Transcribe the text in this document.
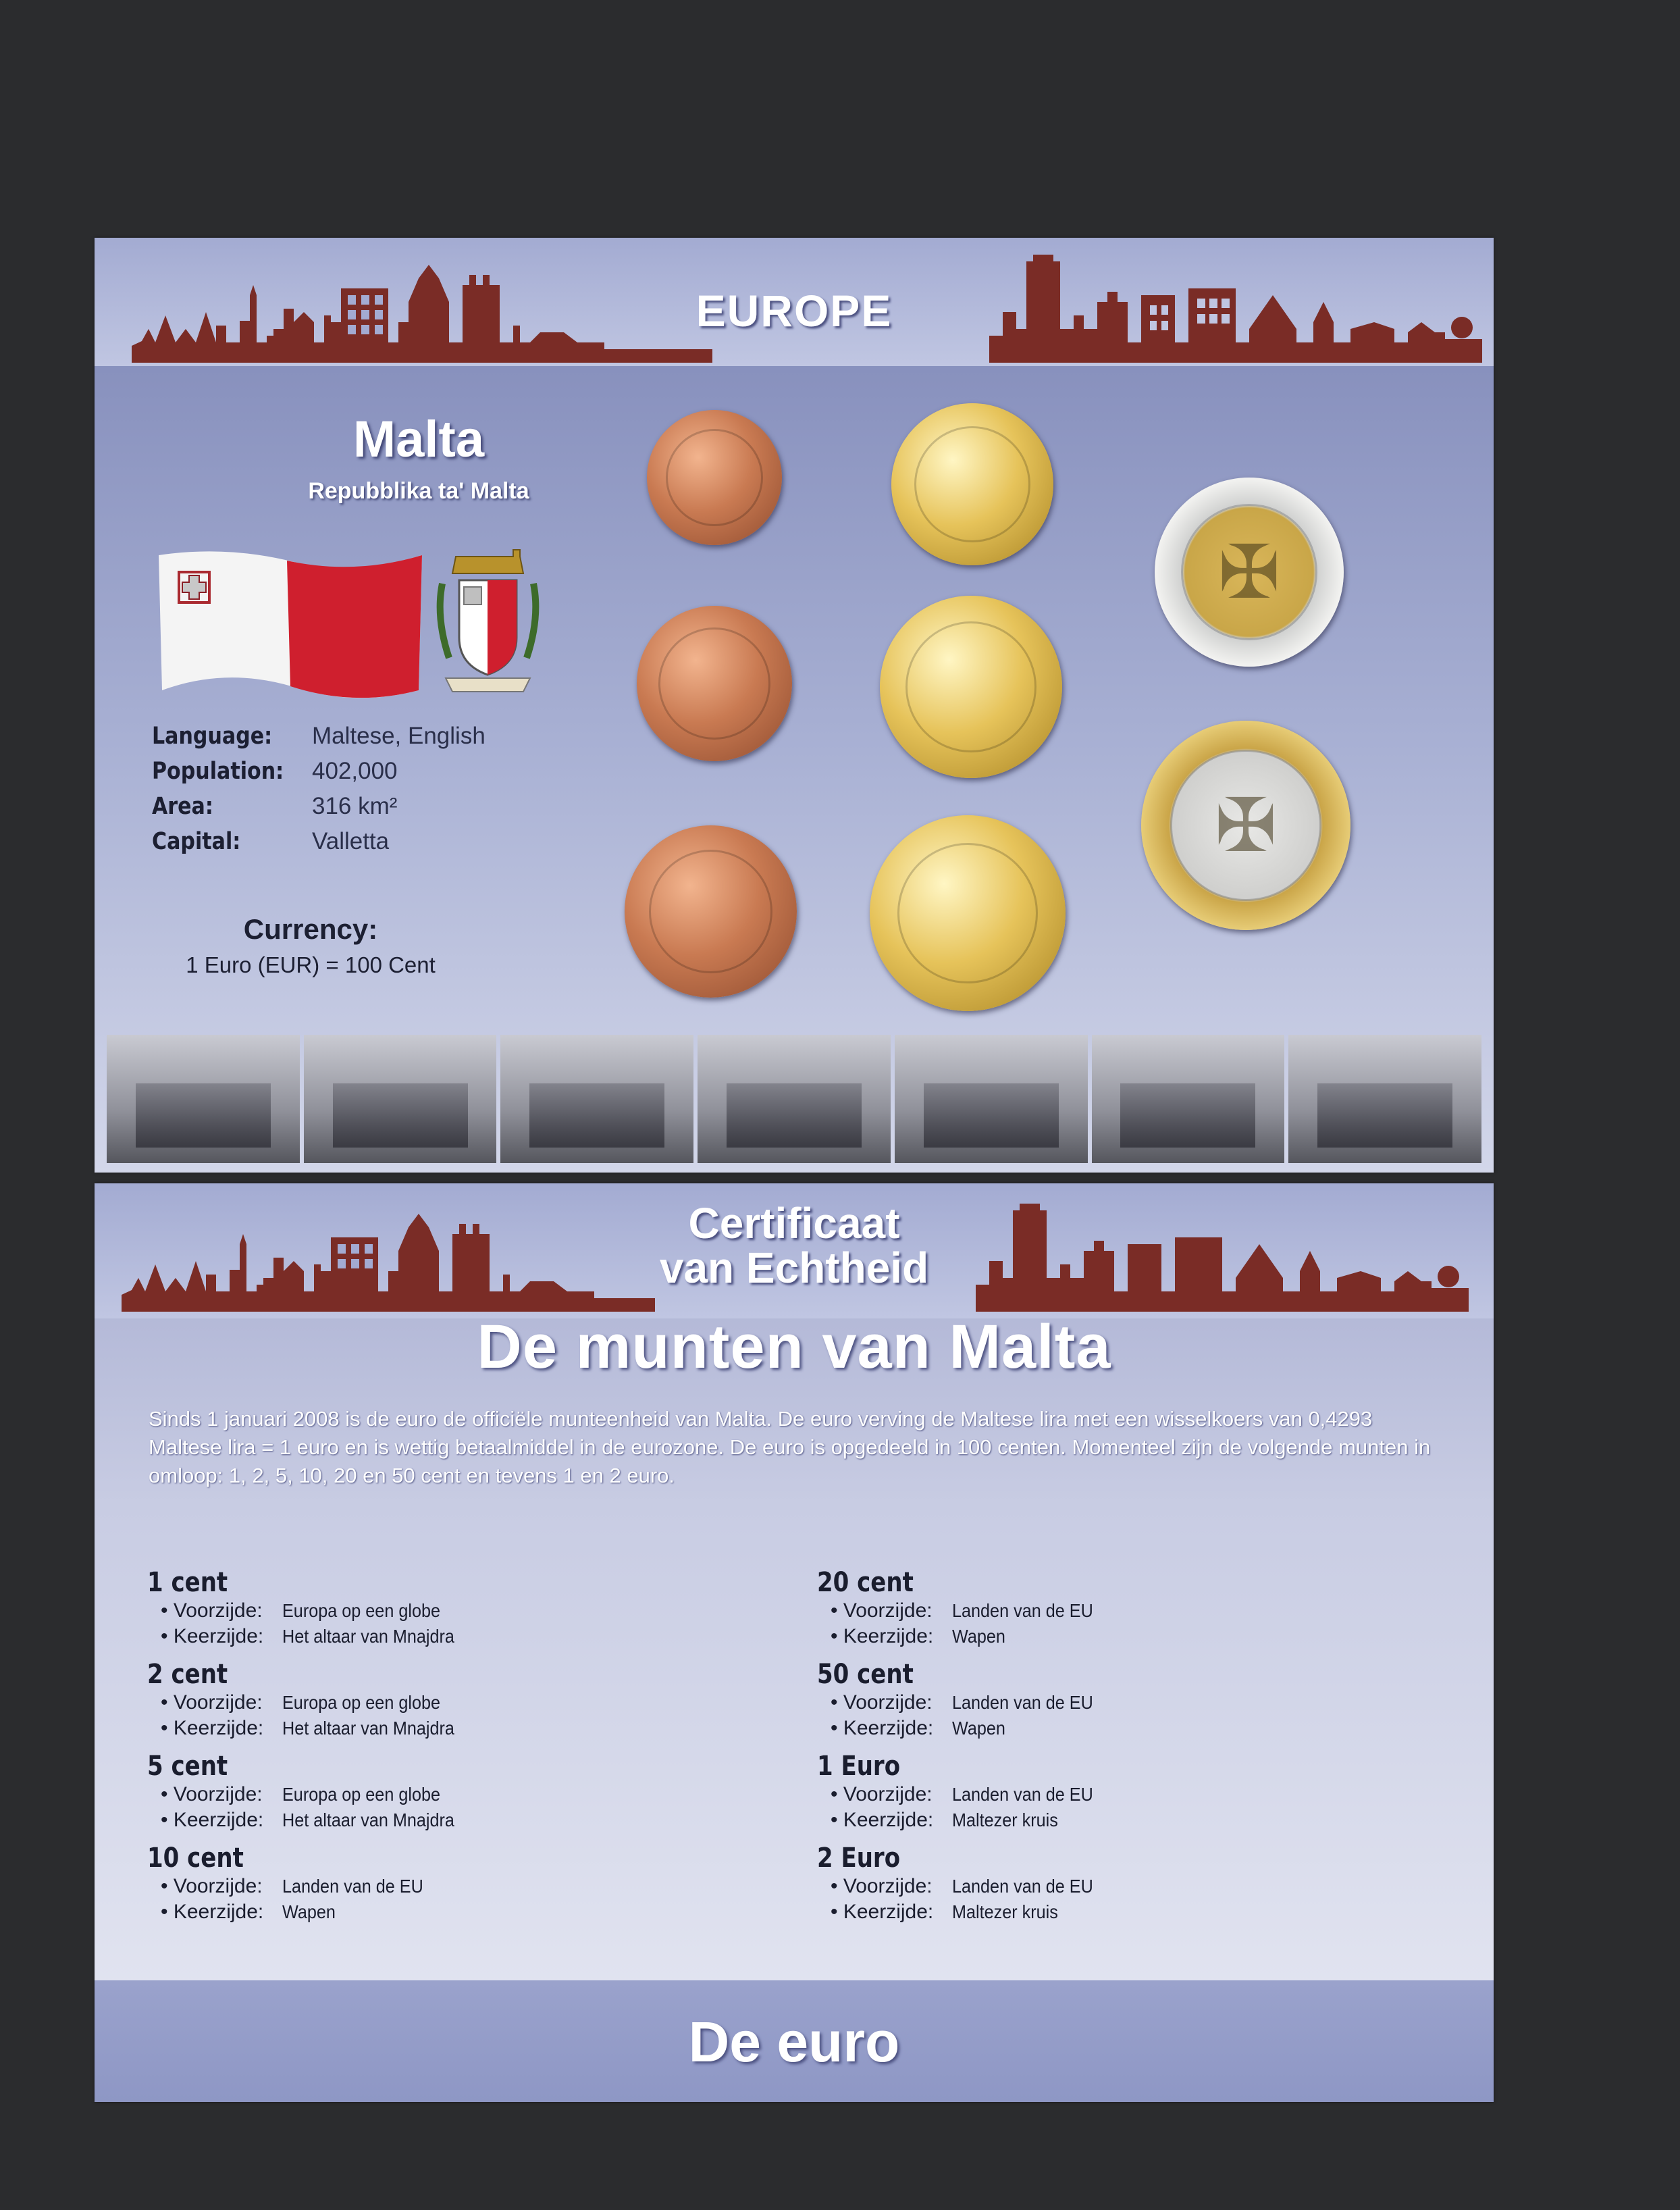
EUROPE
Malta
Repubblika ta' Malta
Language:	Maltese, English
Population: 402,000
Area:	316 km²
Capital:	Valletta
Currency:
1 Euro (EUR) = 100 Cent
✠
✠
Certificaat
van Echtheid
De munten van Malta
Sinds 1 januari 2008 is de euro de officiële munteenheid van Malta. De euro verving de Maltese lira met een wisselkoers van 0,4293 Maltese lira = 1 euro en is wettig betaalmiddel in de eurozone. De euro is opgedeeld in 100 centen. Momenteel zijn de volgende munten in omloop: 1, 2, 5, 10, 20 en 50 cent en tevens 1 en 2 euro.
1 cent
• Voorzijde:	Europa op een globe
• Keerzijde: Het altaar van Mnajdra
2 cent
• Voorzijde:	Europa op een globe
• Keerzijde: Het altaar van Mnajdra
5 cent
• Voorzijde:	Europa op een globe
• Keerzijde: Het altaar van Mnajdra
10 cent
• Voorzijde:	Landen van de EU
• Keerzijde: Wapen
20 cent
• Voorzijde:	Landen van de EU
• Keerzijde: Wapen
50 cent
• Voorzijde:	Landen van de EU
• Keerzijde: Wapen
1 Euro
• Voorzijde:	Landen van de EU
• Keerzijde: Maltezer kruis
2 Euro
• Voorzijde:	Landen van de EU
• Keerzijde: Maltezer kruis
De euro
